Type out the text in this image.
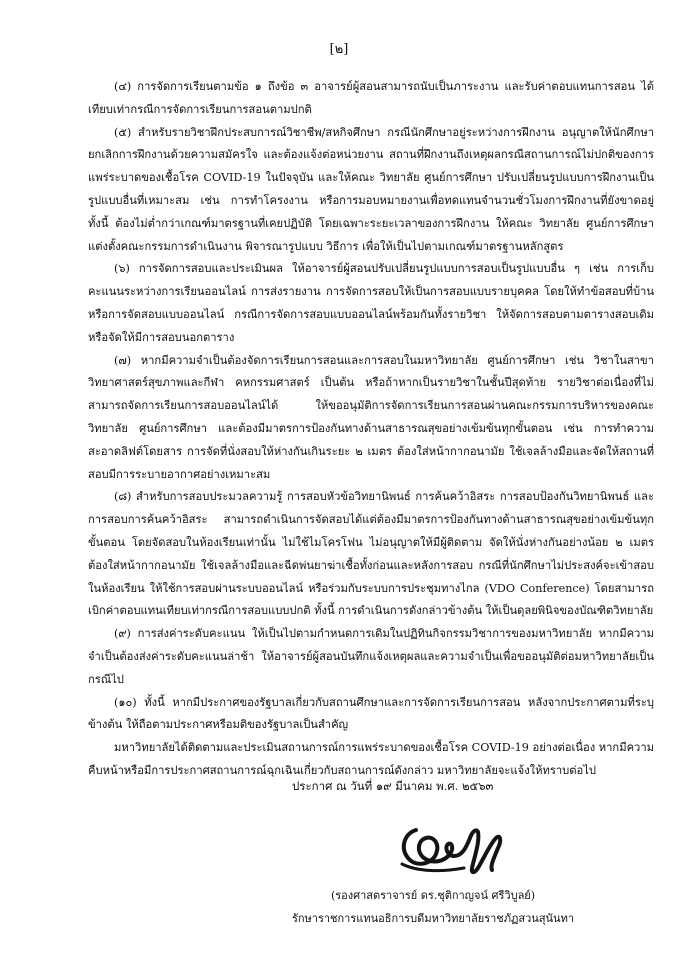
[๒]

(๔) การจัดการเรียนตามข้อ ๑ ถึงข้อ ๓ อาจารย์ผู้สอนสามารถนับเป็นภาระงาน และรับค่าตอบแทนการสอน ได้เทียบเท่ากรณีการจัดการเรียนการสอนตามปกติ

(๕) สำหรับรายวิชาฝึกประสบการณ์วิชาชีพ/สหกิจศึกษา กรณีนักศึกษาอยู่ระหว่างการฝึกงาน อนุญาตให้นักศึกษายกเลิกการฝึกงานด้วยความสมัครใจ และต้องแจ้งต่อหน่วยงาน สถานที่ฝึกงานถึงเหตุผลกรณีสถานการณ์ไม่ปกติของการแพร่ระบาดของเชื้อโรค COVID-19 ในปัจจุบัน และให้คณะ วิทยาลัย ศูนย์การศึกษา ปรับเปลี่ยนรูปแบบการฝึกงานเป็นรูปแบบอื่นที่เหมาะสม เช่น การทำโครงงาน หรือการมอบหมายงานเพื่อทดแทนจำนวนชั่วโมงการฝึกงานที่ยังขาดอยู่ ทั้งนี้ ต้องไม่ต่ำกว่าเกณฑ์มาตรฐานที่เคยปฏิบัติ โดยเฉพาะระยะเวลาของการฝึกงาน ให้คณะ วิทยาลัย ศูนย์การศึกษาแต่งตั้งคณะกรรมการดำเนินงาน พิจารณารูปแบบ วิธีการ เพื่อให้เป็นไปตามเกณฑ์มาตรฐานหลักสูตร

(๖) การจัดการสอบและประเมินผล ให้อาจารย์ผู้สอนปรับเปลี่ยนรูปแบบการสอบเป็นรูปแบบอื่น ๆ เช่น การเก็บคะแนนระหว่างการเรียนออนไลน์ การส่งรายงาน การจัดการสอบให้เป็นการสอบแบบรายบุคคล โดยให้ทำข้อสอบที่บ้าน หรือการจัดสอบแบบออนไลน์ กรณีการจัดการสอบแบบออนไลน์พร้อมกันทั้งรายวิชา ให้จัดการสอบตามตารางสอบเดิมหรือจัดให้มีการสอบนอกตาราง

(๗) หากมีความจำเป็นต้องจัดการเรียนการสอนและการสอบในมหาวิทยาลัย ศูนย์การศึกษา เช่น วิชาในสาขาวิทยาศาสตร์สุขภาพและกีฬา คหกรรมศาสตร์ เป็นต้น หรือถ้าหากเป็นรายวิชาในชั้นปีสุดท้าย รายวิชาต่อเนื่องที่ไม่สามารถจัดการเรียนการสอบออนไลน์ได้ ให้ขออนุมัติการจัดการเรียนการสอนผ่านคณะกรรมการบริหารของคณะ วิทยาลัย ศูนย์การศึกษา และต้องมีมาตรการป้องกันทางด้านสาธารณสุขอย่างเข้มข้นทุกขั้นตอน เช่น การทำความสะอาดลิฟต์โดยสาร การจัดที่นั่งสอบให้ห่างกันเกินระยะ ๒ เมตร ต้องใส่หน้ากากอนามัย ใช้เจลล้างมือและจัดให้สถานที่สอบมีการระบายอากาศอย่างเหมาะสม

(๘) สำหรับการสอบประมวลความรู้ การสอบหัวข้อวิทยานิพนธ์ การค้นคว้าอิสระ การสอบป้องกันวิทยานิพนธ์ และการสอบการค้นคว้าอิสระ สามารถดำเนินการจัดสอบได้แต่ต้องมีมาตรการป้องกันทางด้านสาธารณสุขอย่างเข้มข้นทุกขั้นตอน โดยจัดสอบในห้องเรียนเท่านั้น ไม่ใช้ไมโครโฟน ไม่อนุญาตให้มีผู้ติดตาม จัดให้นั่งห่างกันอย่างน้อย ๒ เมตร ต้องใส่หน้ากากอนามัย ใช้เจลล้างมือและฉีดพ่นยาฆ่าเชื้อทั้งก่อนและหลังการสอบ กรณีที่นักศึกษาไม่ประสงค์จะเข้าสอบในห้องเรียน ให้ใช้การสอบผ่านระบบออนไลน์ หรือร่วมกับระบบการประชุมทางไกล (VDO Conference) โดยสามารถเบิกค่าตอบแทนเทียบเท่ากรณีการสอบแบบปกติ ทั้งนี้ การดำเนินการดังกล่าวข้างต้น ให้เป็นดุลยพินิจของบัณฑิตวิทยาลัย

(๙) การส่งค่าระดับคะแนน ให้เป็นไปตามกำหนดการเดิมในปฏิทินกิจกรรมวิชาการของมหาวิทยาลัย หากมีความจำเป็นต้องส่งค่าระดับคะแนนล่าช้า ให้อาจารย์ผู้สอนบันทึกแจ้งเหตุผลและความจำเป็นเพื่อขออนุมัติต่อมหาวิทยาลัยเป็นกรณีไป

(๑๐) ทั้งนี้ หากมีประกาศของรัฐบาลเกี่ยวกับสถานศึกษาและการจัดการเรียนการสอน หลังจากประกาศตามที่ระบุข้างต้น ให้ถือตามประกาศหรือมติของรัฐบาลเป็นสำคัญ

มหาวิทยาลัยได้ติดตามและประเมินสถานการณ์การแพร่ระบาดของเชื้อโรค COVID-19 อย่างต่อเนื่อง หากมีความคืบหน้าหรือมีการประกาศสถานการณ์ฉุกเฉินเกี่ยวกับสถานการณ์ดังกล่าว มหาวิทยาลัยจะแจ้งให้ทราบต่อไป

ประกาศ ณ วันที่ ๑๙ มีนาคม พ.ศ. ๒๕๖๓
(รองศาสตราจารย์ ดร.ชุติกาญจน์ ศรีวิบูลย์)
รักษาราชการแทนอธิการบดีมหาวิทยาลัยราชภัฏสวนสุนันทา
